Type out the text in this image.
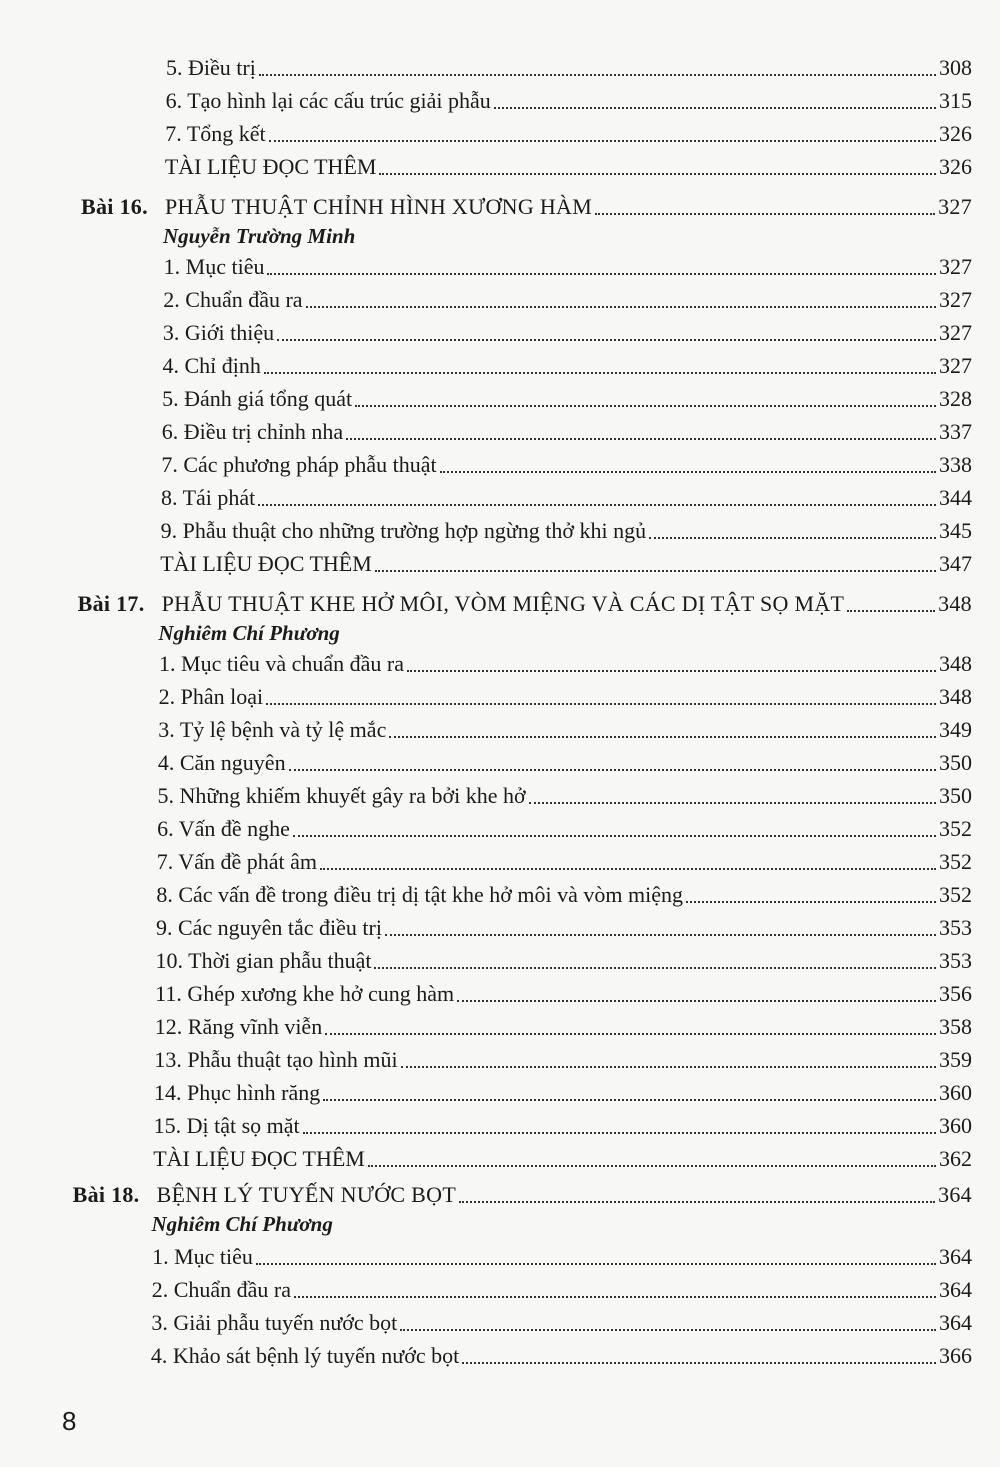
5. Điều trị	308
6. Tạo hình lại các cấu trúc giải phẫu	315
7. Tổng kết	326
TÀI LIỆU ĐỌC THÊM	326
Bài 16. PHẪU THUẬT CHỈNH HÌNH XƯƠNG HÀM	327
Nguyễn Trường Minh
1. Mục tiêu	327
2. Chuẩn đầu ra	327
3. Giới thiệu	327
4. Chỉ định	327
5. Đánh giá tổng quát	328
6. Điều trị chỉnh nha	337
7. Các phương pháp phẫu thuật	338
8. Tái phát	344
9. Phẫu thuật cho những trường hợp ngừng thở khi ngủ	345
TÀI LIỆU ĐỌC THÊM	347
Bài 17. PHẪU THUẬT KHE HỞ MÔI, VÒM MIỆNG VÀ CÁC DỊ TẬT SỌ MẶT	348
Nghiêm Chí Phương
1. Mục tiêu và chuẩn đầu ra	348
2. Phân loại	348
3. Tỷ lệ bệnh và tỷ lệ mắc	349
4. Căn nguyên	350
5. Những khiếm khuyết gây ra bởi khe hở	350
6. Vấn đề nghe	352
7. Vấn đề phát âm	352
8. Các vấn đề trong điều trị dị tật khe hở môi và vòm miệng	352
9. Các nguyên tắc điều trị	353
10. Thời gian phẫu thuật	353
11. Ghép xương khe hở cung hàm	356
12. Răng vĩnh viễn	358
13. Phẫu thuật tạo hình mũi	359
14. Phục hình răng	360
15. Dị tật sọ mặt	360
TÀI LIỆU ĐỌC THÊM	362
Bài 18. BỆNH LÝ TUYẾN NƯỚC BỌT	364
Nghiêm Chí Phương
1. Mục tiêu	364
2. Chuẩn đầu ra	364
3. Giải phẫu tuyến nước bọt	364
4. Khảo sát bệnh lý tuyến nước bọt	366
8
